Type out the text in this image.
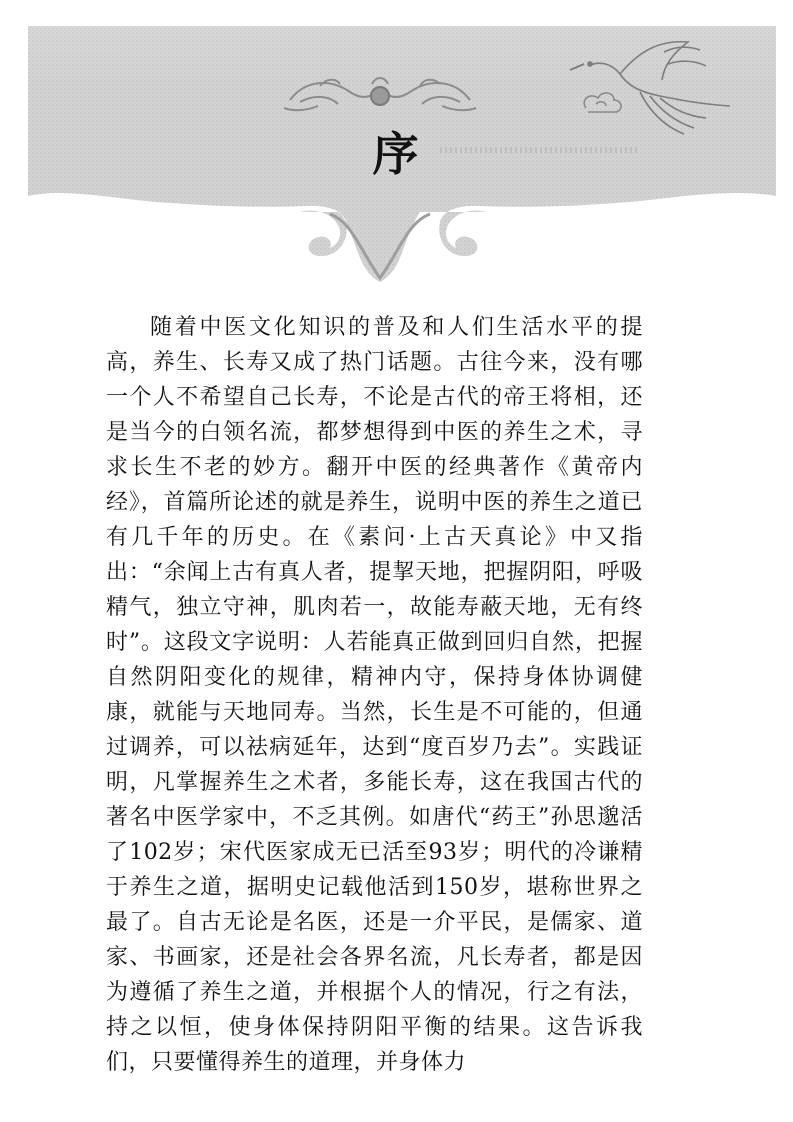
序

随着中医文化知识的普及和人们生活水平的提高，养生、长寿又成了热门话题。古往今来，没有哪一个人不希望自己长寿，不论是古代的帝王将相，还是当今的白领名流，都梦想得到中医的养生之术，寻求长生不老的妙方。翻开中医的经典著作《黄帝内经》，首篇所论述的就是养生，说明中医的养生之道已有几千年的历史。在《素问·上古天真论》中又指出：“余闻上古有真人者，提挈天地，把握阴阳，呼吸精气，独立守神，肌肉若一，故能寿蔽天地，无有终时”。这段文字说明：人若能真正做到回归自然，把握自然阴阳变化的规律，精神内守，保持身体协调健康，就能与天地同寿。当然，长生是不可能的，但通过调养，可以祛病延年，达到“度百岁乃去”。实践证明，凡掌握养生之术者，多能长寿，这在我国古代的著名中医学家中，不乏其例。如唐代“药王”孙思邈活了102岁；宋代医家成无已活至93岁；明代的冷谦精于养生之道，据明史记载他活到150岁，堪称世界之最了。自古无论是名医，还是一介平民，是儒家、道家、书画家，还是社会各界名流，凡长寿者，都是因为遵循了养生之道，并根据个人的情况，行之有法，持之以恒，使身体保持阴阳平衡的结果。这告诉我们，只要懂得养生的道理，并身体力
